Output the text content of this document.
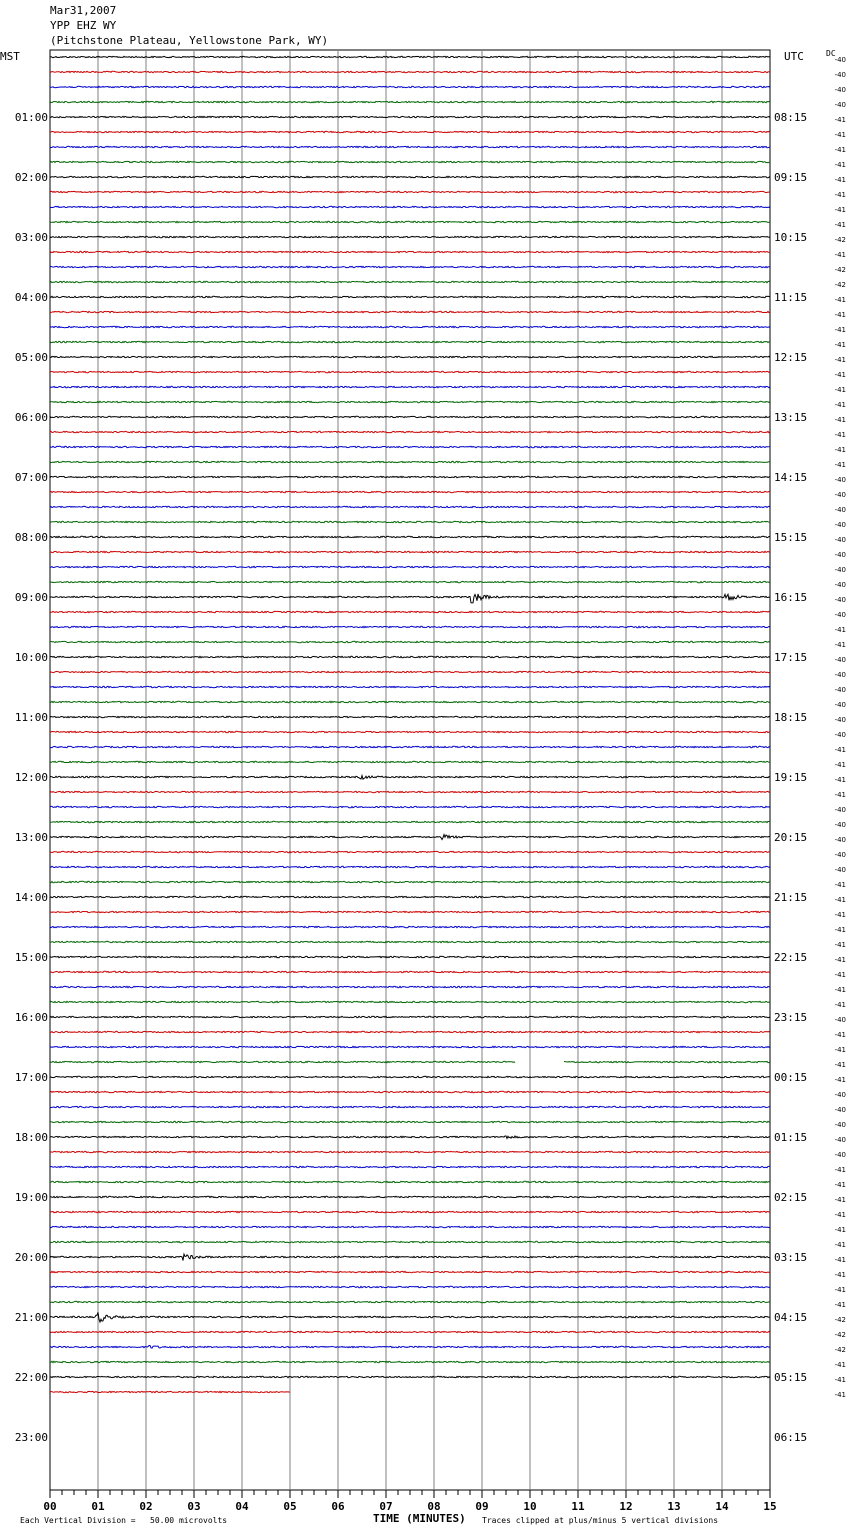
Mar31,2007
YPP EHZ WY
(Pitchstone Plateau, Yellowstone Park, WY)
MST	UTC	DC
00	01	02	03	04	05	06	07	08	09	10	11	12	13	14	15
-40
-40
-40
-40
-41
-41
-41
-41
-41
-41
-41
-41
-42
-41
-42
-42
-41
-41
-41
-41
-41
-41
-41
-41
-41
-41
-41
-41
-40
-40
-40
-40
-40
-40
-40
-40
-40
-40
-41
-41
-40
-40
-40
-40
-40
-40
-41
-41
-41
-41
-40
-40
-40
-40
-40
-41
-41
-41
-41
-41
-41
-41
-41
-41
-40
-41
-41
-41
-41
-40
-40
-40
-40
-40
-41
-41
-41
-41
-41
-41
-41
-41
-41
-41
-42
-42
-42
-41
-41
-41
01:00	08:15
02:00	09:15
03:00	10:15
04:00	11:15
05:00	12:15
06:00	13:15
07:00	14:15
08:00	15:15
09:00	16:15
10:00	17:15
11:00	18:15
12:00	19:15
13:00	20:15
14:00	21:15
15:00	22:15
16:00	23:15
17:00	00:15
18:00	01:15
19:00	02:15
20:00	03:15
21:00	04:15
22:00	05:15
23:00	06:15
Each Vertical Division =   50.00 microvolts	TIME (MINUTES) Traces clipped at plus/minus 5 vertical divisions
